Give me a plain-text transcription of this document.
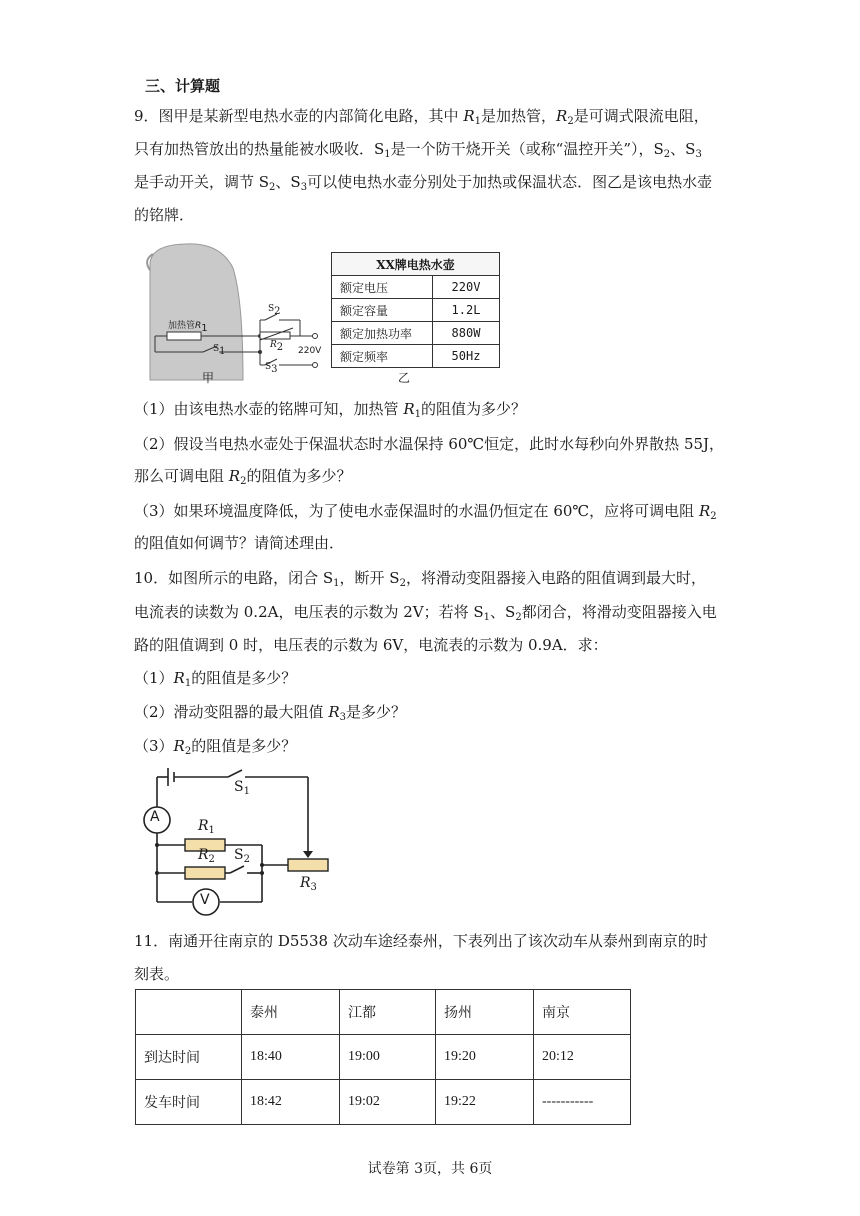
三、计算题
9．图甲是某新型电热水壶的内部简化电路，其中 $R_1$是加热管，$R_2$是可调式限流电阻，
只有加热管放出的热量能被水吸收．$S_1$是一个防干烧开关（或称“温控开关”），$S_2$、$S_3$
是手动开关，调节 $S_2$、$S_3$可以使电热水壶分别处于加热或保温状态．图乙是该电热水壶
的铭牌．
加热管$R_1$
$S_1$
$S_2$
$R_2$
$S_3$
220V
甲
XX牌电热水壶	
额定电压	220V
额定容量	1.2L
额定加热功率	880W
额定频率	50Hz
乙
（1）由该电热水壶的铭牌可知，加热管 $R_1$的阻值为多少？
（2）假设当电热水壶处于保温状态时水温保持 60℃恒定，此时水每秒向外界散热 55J，
那么可调电阻 $R_2$的阻值为多少？
（3）如果环境温度降低，为了使电水壶保温时的水温仍恒定在 60℃，应将可调电阻 $R_2$
的阻值如何调节？请简述理由．
10．如图所示的电路，闭合 $S_1$，断开 $S_2$，将滑动变阻器接入电路的阻值调到最大时，
电流表的读数为 0.2A，电压表的示数为 2V；若将 $S_1$、$S_2$都闭合，将滑动变阻器接入电
路的阻值调到 0 时，电压表的示数为 6V，电流表的示数为 0.9A．求：
$(1)R_1$的阻值是多少？
（2）滑动变阻器的最大阻值 $R_3$是多少？
$(3)R_2$的阻值是多少？
A
V
$S_1$
$R_1$
$R_2$ $S_2$
$R_3$
11．南通开往南京的 D5538 次动车途经泰州，下表列出了该次动车从泰州到南京的时
刻表。
	泰州	江都	扬州	南京
到达时间	18:40	19:00	19:20	20:12
发车时间	18:42	19:02	19:22	-----------
试卷第 3页，共 6页
